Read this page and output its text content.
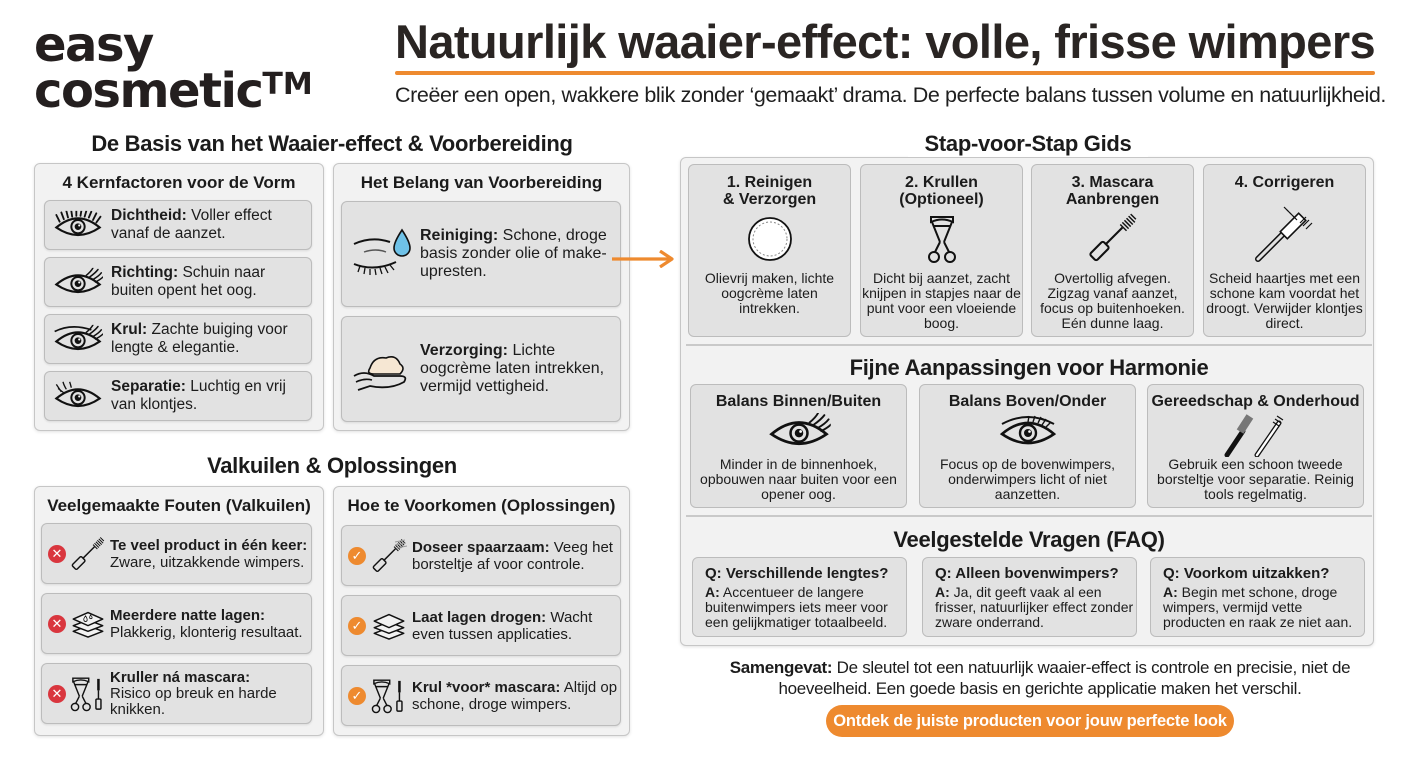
easy
cosmetic™
Natuurlijk waaier-effect: volle, frisse wimpers
Creëer een open, wakkere blik zonder ‘gemaakt’ drama. De perfecte balans tussen volume en natuurlijkheid.
De Basis van het Waaier-effect & Voorbereiding
4 Kernfactoren voor de Vorm
Dichtheid: Voller effect vanaf de aanzet.
Richting: Schuin naar buiten opent het oog.
Krul: Zachte buiging voor lengte & elegantie.
Separatie: Luchtig en vrij van klontjes.
Het Belang van Voorbereiding
Reiniging: Schone, droge basis zonder olie of make-upresten.
Verzorging: Lichte oogcrème laten intrekken, vermijd vettigheid.
Valkuilen & Oplossingen
Veelgemaakte Fouten (Valkuilen)
✕	Te veel product in één keer:
Zware, uitzakkende wimpers.
✕	Meerdere natte lagen:
Plakkerig, klonterig resultaat.
✕
Kruller ná mascara:
Risico op breuk en harde knikken.
Hoe te Voorkomen (Oplossingen)
✓	Doseer spaarzaam: Veeg het borsteltje af voor controle.
✓	Laat lagen drogen: Wacht even tussen applicaties.
✓	Krul *voor* mascara: Altijd op schone, droge wimpers.
Stap-voor-Stap Gids
1. Reinigen
& Verzorgen
Olievrij maken, lichte oogcrème laten intrekken.
2. Krullen
(Optioneel)
Dicht bij aanzet, zacht knijpen in stapjes naar de punt voor een vloeiende boog.
3. Mascara
Aanbrengen
Overtollig afvegen. Zigzag vanaf aanzet, focus op buitenhoeken. Eén dunne laag.
4. Corrigeren
Scheid haartjes met een schone kam voordat het droogt. Verwijder klontjes direct.
Fijne Aanpassingen voor Harmonie
Balans Binnen/Buiten
Minder in de binnenhoek, opbouwen naar buiten voor een opener oog.
Balans Boven/Onder
Focus op de bovenwimpers, onderwimpers licht of niet aanzetten.
Gereedschap & Onderhoud
Gebruik een schoon tweede borsteltje voor separatie. Reinig tools regelmatig.
Veelgestelde Vragen (FAQ)
Q: Verschillende lengtes?
A: Accentueer de langere buitenwimpers iets meer voor een gelijkmatiger totaalbeeld.
Q: Alleen bovenwimpers?
A: Ja, dit geeft vaak al een frisser, natuurlijker effect zonder zware onderrand.
Q: Voorkom uitzakken?
A: Begin met schone, droge wimpers, vermijd vette producten en raak ze niet aan.
Samengevat: De sleutel tot een natuurlijk waaier-effect is controle en precisie, niet de hoeveelheid. Een goede basis en gerichte applicatie maken het verschil.
Ontdek de juiste producten voor jouw perfecte look
